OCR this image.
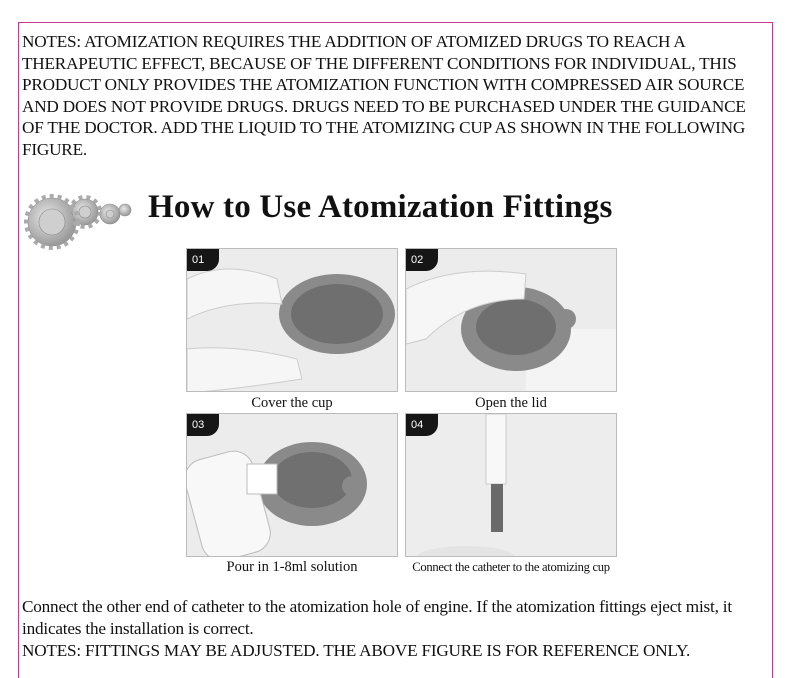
NOTES: ATOMIZATION REQUIRES THE ADDITION OF ATOMIZED DRUGS TO REACH A THERAPEUTIC EFFECT, BECAUSE OF THE DIFFERENT CONDITIONS FOR INDIVIDUAL, THIS PRODUCT ONLY PROVIDES THE ATOMIZATION FUNCTION WITH COMPRESSED AIR SOURCE AND DOES NOT PROVIDE DRUGS. DRUGS NEED TO BE PURCHASED UNDER THE GUIDANCE OF THE DOCTOR. ADD THE LIQUID TO THE ATOMIZING CUP AS SHOWN IN THE FOLLOWING FIGURE.

How to Use Atomization Fittings
01
Cover the cup
02
Open the lid
03
Pour in 1-8ml solution
04
Connect the catheter to the atomizing cup

Connect the other end of catheter to the atomization hole of engine. If the atomization fittings eject mist, it indicates the installation is correct.
NOTES: FITTINGS MAY BE ADJUSTED. THE ABOVE FIGURE IS FOR REFERENCE ONLY.
